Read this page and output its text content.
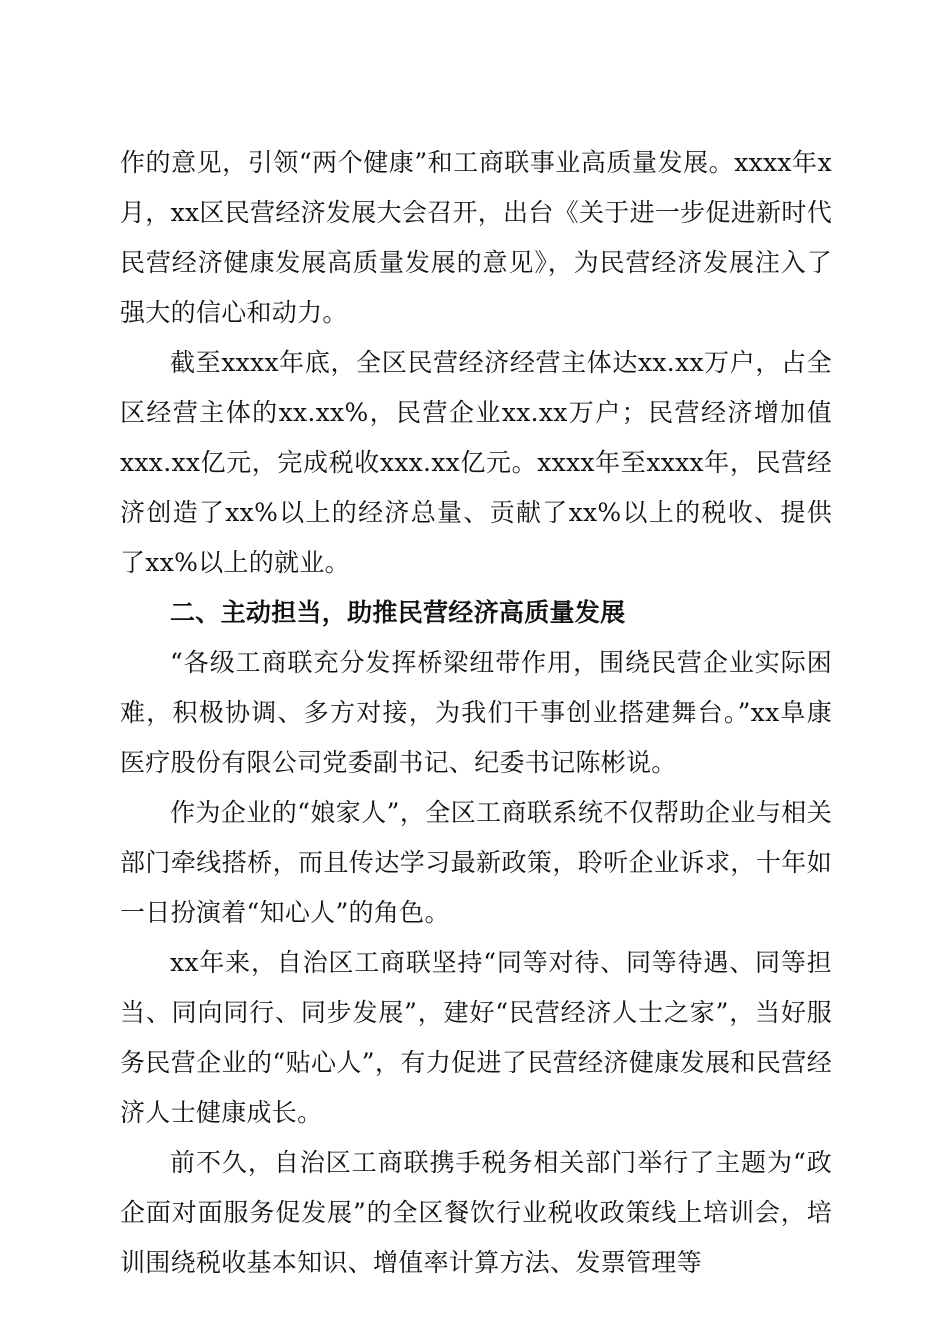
作的意见，引领“两个健康”和工商联事业高质量发展。xxxx年x月，xx区民营经济发展大会召开，出台《关于进一步促进新时代民营经济健康发展高质量发展的意见》，为民营经济发展注入了强大的信心和动力。

截至xxxx年底，全区民营经济经营主体达xx.xx万户，占全区经营主体的xx.xx%，民营企业xx.xx万户；民营经济增加值xxx.xx亿元，完成税收xxx.xx亿元。xxxx年至xxxx年，民营经济创造了xx%以上的经济总量、贡献了xx%以上的税收、提供了xx%以上的就业。

二、主动担当，助推民营经济高质量发展

“各级工商联充分发挥桥梁纽带作用，围绕民营企业实际困难，积极协调、多方对接，为我们干事创业搭建舞台。”xx阜康医疗股份有限公司党委副书记、纪委书记陈彬说。

作为企业的“娘家人”，全区工商联系统不仅帮助企业与相关部门牵线搭桥，而且传达学习最新政策，聆听企业诉求，十年如一日扮演着“知心人”的角色。

xx年来，自治区工商联坚持“同等对待、同等待遇、同等担当、同向同行、同步发展”，建好“民营经济人士之家”，当好服务民营企业的“贴心人”，有力促进了民营经济健康发展和民营经济人士健康成长。

前不久，自治区工商联携手税务相关部门举行了主题为“政企面对面服务促发展”的全区餐饮行业税收政策线上培训会，培训围绕税收基本知识、增值率计算方法、发票管理等
